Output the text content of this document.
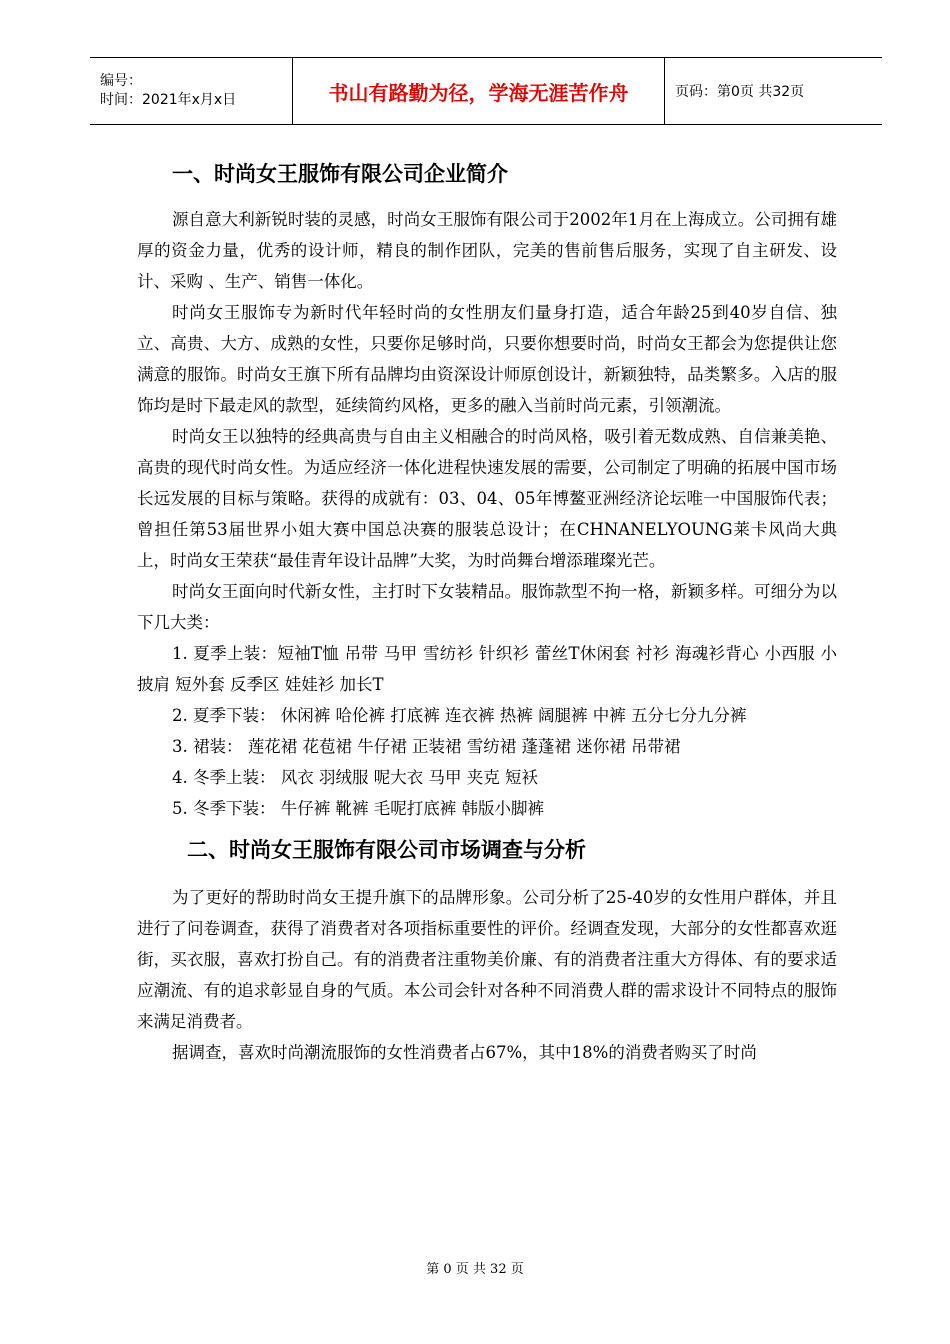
编号：
时间：2021年x月x日	书山有路勤为径，学海无涯苦作舟	页码：第0页 共32页
一、时尚女王服饰有限公司企业简介

源自意大利新锐时装的灵感，时尚女王服饰有限公司于2002年1月在上海成立。公司拥有雄厚的资金力量，优秀的设计师，精良的制作团队，完美的售前售后服务，实现了自主研发、设计、采购 、生产、销售一体化。

时尚女王服饰专为新时代年轻时尚的女性朋友们量身打造，适合年龄25到40岁自信、独立、高贵、大方、成熟的女性，只要你足够时尚，只要你想要时尚，时尚女王都会为您提供让您满意的服饰。时尚女王旗下所有品牌均由资深设计师原创设计，新颖独特，品类繁多。入店的服饰均是时下最走风的款型，延续简约风格，更多的融入当前时尚元素，引领潮流。

时尚女王以独特的经典高贵与自由主义相融合的时尚风格，吸引着无数成熟、自信兼美艳、高贵的现代时尚女性。为适应经济一体化进程快速发展的需要，公司制定了明确的拓展中国市场长远发展的目标与策略。获得的成就有：03、04、05年博鳌亚洲经济论坛唯一中国服饰代表；曾担任第53届世界小姐大赛中国总决赛的服装总设计；在CHNANELYOUNG莱卡风尚大典上，时尚女王荣获“最佳青年设计品牌”大奖，为时尚舞台增添璀璨光芒。

时尚女王面向时代新女性，主打时下女装精品。服饰款型不拘一格，新颖多样。可细分为以下几大类：

1. 夏季上装：短袖T恤 吊带 马甲 雪纺衫 针织衫 蕾丝T休闲套 衬衫 海魂衫背心 小西服 小披肩 短外套 反季区 娃娃衫 加长T

2. 夏季下装： 休闲裤 哈伦裤 打底裤 连衣裤 热裤 阔腿裤 中裤 五分七分九分裤

3. 裙装： 莲花裙 花苞裙 牛仔裙 正装裙 雪纺裙 蓬蓬裙 迷你裙 吊带裙

4. 冬季上装： 风衣 羽绒服 呢大衣 马甲 夹克 短袄

5. 冬季下装： 牛仔裤 靴裤 毛呢打底裤 韩版小脚裤

二、时尚女王服饰有限公司市场调查与分析

为了更好的帮助时尚女王提升旗下的品牌形象。公司分析了25-40岁的女性用户群体，并且进行了问卷调查，获得了消费者对各项指标重要性的评价。经调查发现，大部分的女性都喜欢逛街，买衣服，喜欢打扮自己。有的消费者注重物美价廉、有的消费者注重大方得体、有的要求适应潮流、有的追求彰显自身的气质。本公司会针对各种不同消费人群的需求设计不同特点的服饰来满足消费者。

据调查，喜欢时尚潮流服饰的女性消费者占67%，其中18%的消费者购买了时尚

第 0 页 共 32 页
